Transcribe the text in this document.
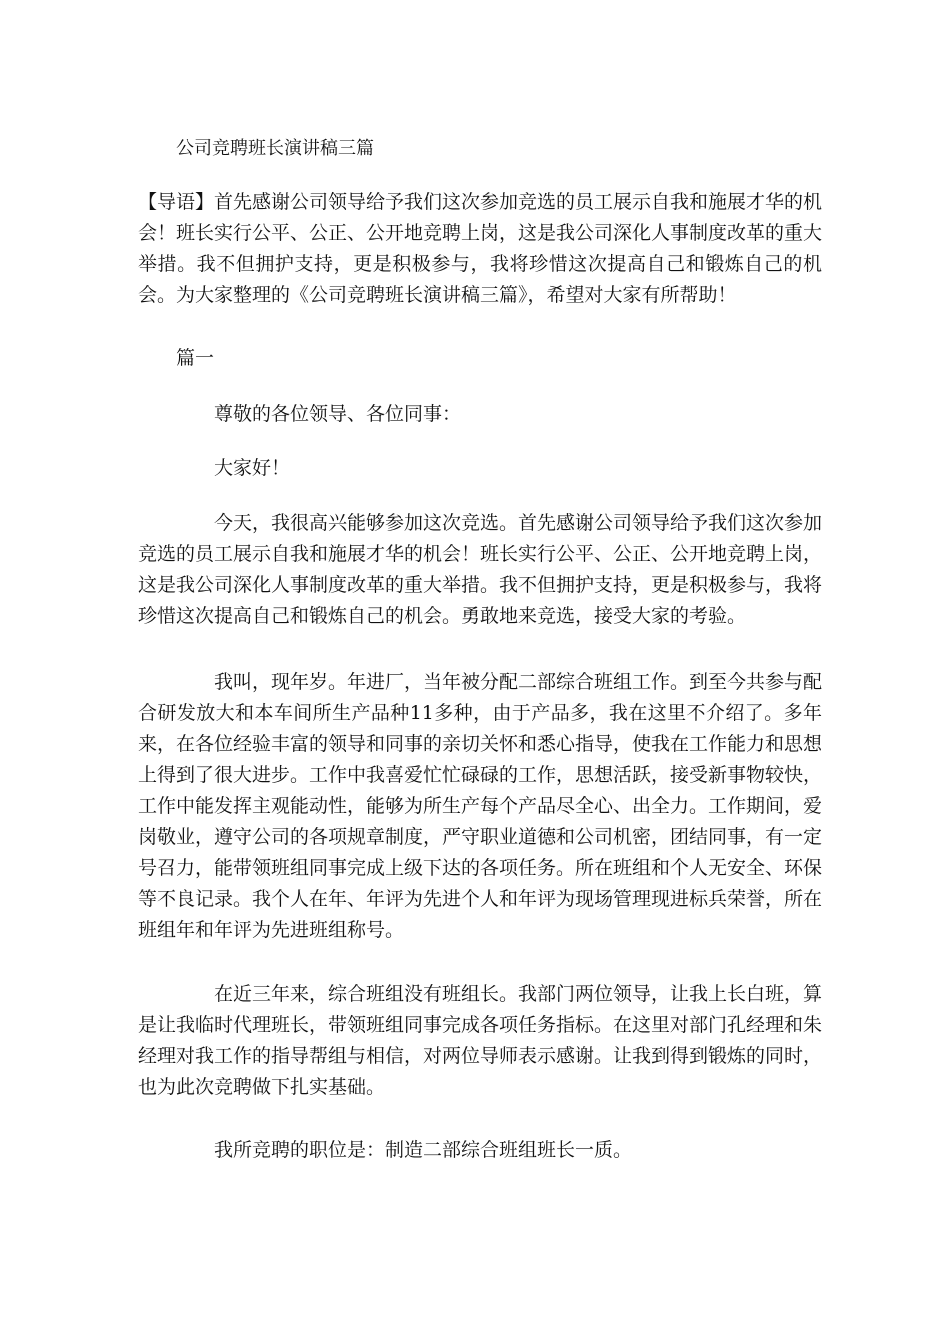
公司竞聘班长演讲稿三篇

【导语】首先感谢公司领导给予我们这次参加竞选的员工展示自我和施展才华的机会！班长实行公平、公正、公开地竞聘上岗，这是我公司深化人事制度改革的重大举措。我不但拥护支持，更是积极参与，我将珍惜这次提高自己和锻炼自己的机会。为大家整理的《公司竞聘班长演讲稿三篇》，希望对大家有所帮助！

篇一
尊敬的各位领导、各位同事：
大家好！

今天，我很高兴能够参加这次竞选。首先感谢公司领导给予我们这次参加竞选的员工展示自我和施展才华的机会！班长实行公平、公正、公开地竞聘上岗，这是我公司深化人事制度改革的重大举措。我不但拥护支持，更是积极参与，我将珍惜这次提高自己和锻炼自己的机会。勇敢地来竞选，接受大家的考验。

我叫，现年岁。年进厂，当年被分配二部综合班组工作。到至今共参与配合研发放大和本车间所生产品种11多种，由于产品多，我在这里不介绍了。多年来，在各位经验丰富的领导和同事的亲切关怀和悉心指导，使我在工作能力和思想上得到了很大进步。工作中我喜爱忙忙碌碌的工作，思想活跃，接受新事物较快，工作中能发挥主观能动性，能够为所生产每个产品尽全心、出全力。工作期间，爱岗敬业，遵守公司的各项规章制度，严守职业道德和公司机密，团结同事，有一定号召力，能带领班组同事完成上级下达的各项任务。所在班组和个人无安全、环保等不良记录。我个人在年、年评为先进个人和年评为现场管理现进标兵荣誉，所在班组年和年评为先进班组称号。

在近三年来，综合班组没有班组长。我部门两位领导，让我上长白班，算是让我临时代理班长，带领班组同事完成各项任务指标。在这里对部门孔经理和朱经理对我工作的指导帮组与相信，对两位导师表示感谢。让我到得到锻炼的同时，也为此次竞聘做下扎实基础。

我所竞聘的职位是：制造二部综合班组班长一质。
